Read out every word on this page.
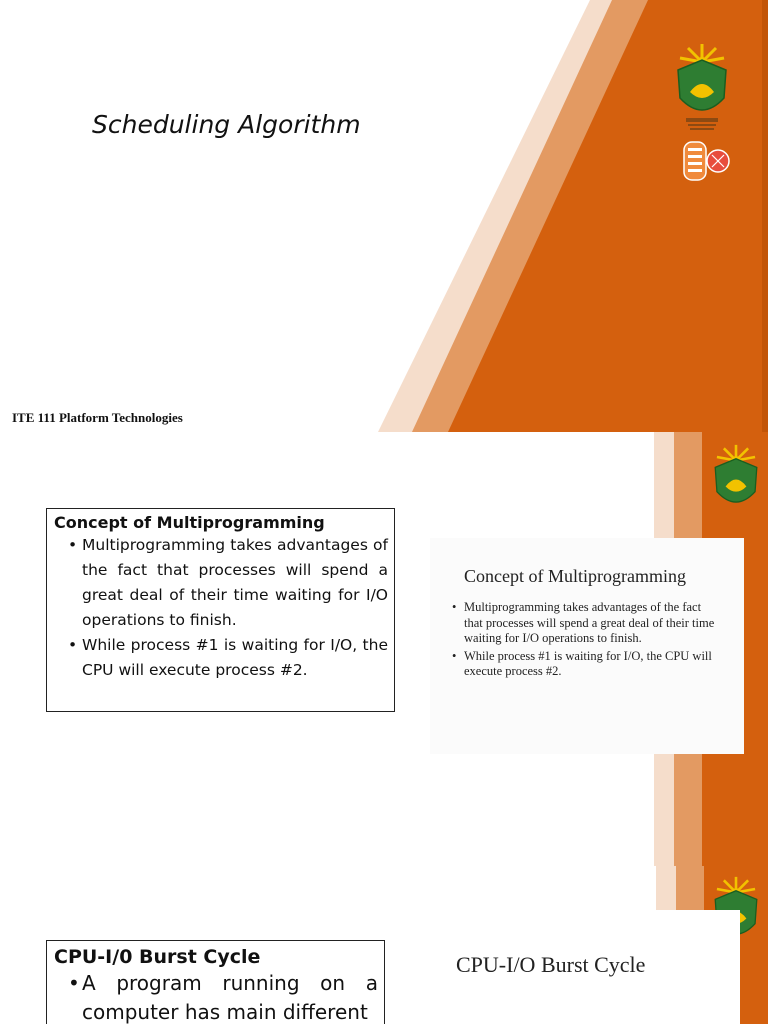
Scheduling Algorithm
ITE 111 Platform Technologies
Concept of Multiprogramming
• Multiprogramming takes advantages of the fact that processes will spend a great deal of their time waiting for I/O operations to finish.
• While process #1 is waiting for I/O, the CPU will execute process #2.
Concept of Multiprogramming
• Multiprogramming takes advantages of the fact that processes will spend a great deal of their time waiting for I/O operations to finish.
• While process #1 is waiting for I/O, the CPU will execute process #2.
CPU-I/0 Burst Cycle
• A program running on a computer has main different
CPU-I/O Burst Cycle
